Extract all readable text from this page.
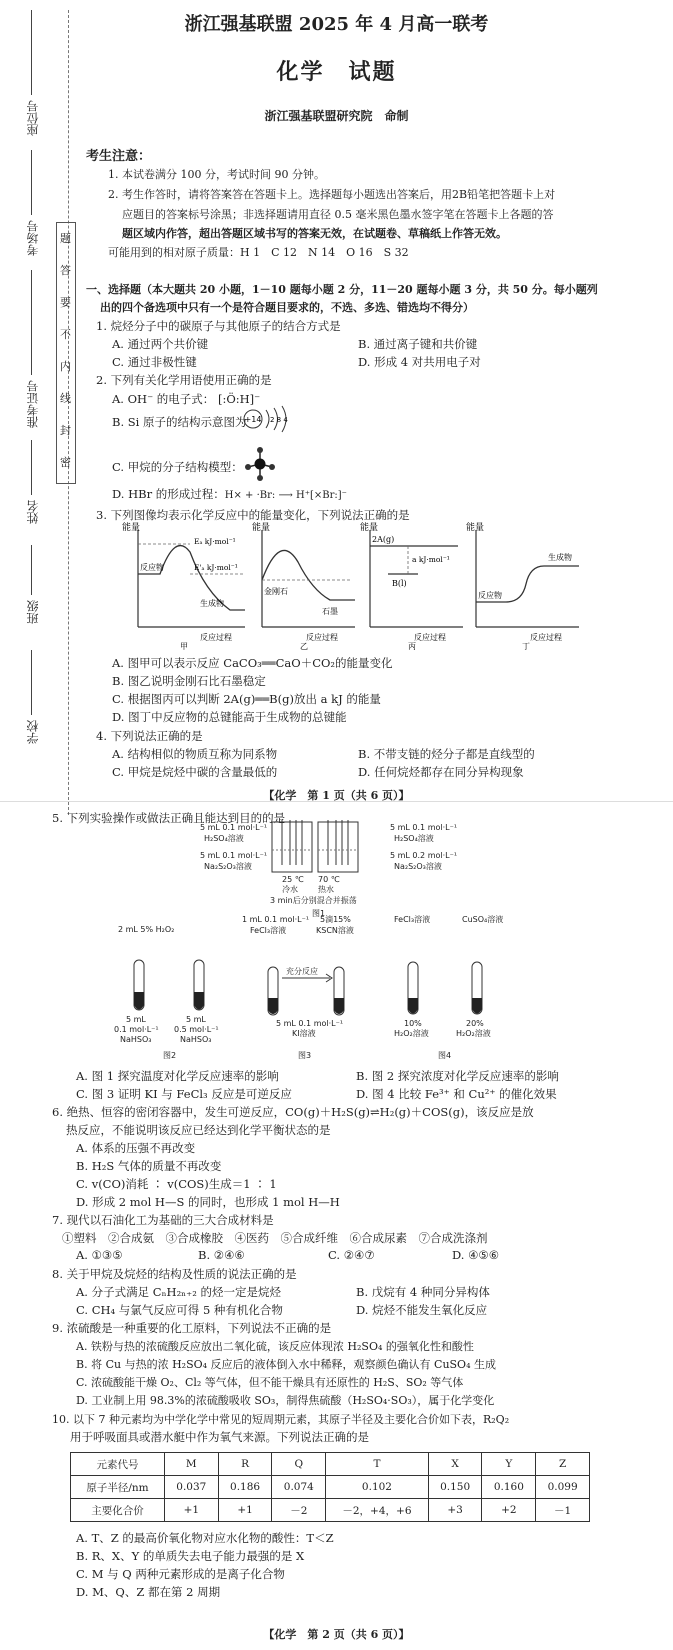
座位号
考场号
准考证号
姓名
班级
学校
题
答
要
不
内
线
封
密
浙江强基联盟 2025 年 4 月高一联考
化学　试题
浙江强基联盟研究院　命制
考生注意：
1. 本试卷满分 100 分，考试时间 90 分钟。
2. 考生作答时，请将答案答在答题卡上。选择题每小题选出答案后，用2B铅笔把答题卡上对
应题目的答案标号涂黑；非选择题请用直径 0.5 毫米黑色墨水签字笔在答题卡上各题的答
题区域内作答，超出答题区域书写的答案无效，在试题卷、草稿纸上作答无效。
可能用到的相对原子质量：H 1　C 12　N 14　O 16　S 32
一、选择题（本大题共 20 小题，1－10 题每小题 2 分，11－20 题每小题 3 分，共 50 分。每小题列
出的四个备选项中只有一个是符合题目要求的，不选、多选、错选均不得分）
1. 烷烃分子中的碳原子与其他原子的结合方式是
A. 通过两个共价键	B. 通过离子键和共价键
C. 通过非极性键	D. 形成 4 对共用电子对
2. 下列有关化学用语使用正确的是
A. OH⁻ 的电子式： [:Ö:H]⁻
B. Si 原子的结构示意图为
+14 2 8 4
C. 甲烷的分子结构模型：
D. HBr 的形成过程：H× + ·Br: ⟶ H⁺[×Br:]⁻
3. 下列图像均表示化学反应中的能量变化，下列说法正确的是
能量
反应物
生成物
Eₐ kJ·mol⁻¹
E'ₐ kJ·mol⁻¹
反应过程
甲
能量
金刚石
石墨
反应过程
乙
能量
2A(g)
B(l)
a kJ·mol⁻¹
反应过程
丙
能量
反应物
生成物
反应过程
丁
A. 图甲可以表示反应 CaCO₃══CaO＋CO₂的能量变化
B. 图乙说明金刚石比石墨稳定
C. 根据图丙可以判断 2A(g)══B(g)放出 a kJ 的能量
D. 图丁中反应物的总键能高于生成物的总键能
4. 下列说法正确的是
A. 结构相似的物质互称为同系物	B. 不带支链的烃分子都是直线型的
C. 甲烷是烷烃中碳的含量最低的	D. 任何烷烃都存在同分异构现象
【化学　第 1 页（共 6 页）】
5. 下列实验操作或做法正确且能达到目的的是
5 mL 0.1 mol·L⁻¹
H₂SO₄溶液
5 mL 0.1 mol·L⁻¹
Na₂S₂O₃溶液
5 mL 0.1 mol·L⁻¹
H₂SO₄溶液
5 mL 0.2 mol·L⁻¹
Na₂S₂O₃溶液
25 ℃
冷水
70 ℃
热水
3 min后分别混合并振荡
图1
2 mL 5% H₂O₂
5 mL
0.1 mol·L⁻¹
NaHSO₃
5 mL
0.5 mol·L⁻¹
NaHSO₃
图2
1 mL 0.1 mol·L⁻¹
FeCl₃溶液
5滴15%
KSCN溶液
充分反应
5 mL 0.1 mol·L⁻¹
KI溶液
图3
FeCl₃溶液	CuSO₄溶液
10%
H₂O₂溶液
20%
H₂O₂溶液
图4
A. 图 1 探究温度对化学反应速率的影响	B. 图 2 探究浓度对化学反应速率的影响
C. 图 3 证明 KI 与 FeCl₃ 反应是可逆反应	D. 图 4 比较 Fe³⁺ 和 Cu²⁺ 的催化效果
6. 绝热、恒容的密闭容器中，发生可逆反应，CO(g)＋H₂S(g)⇌H₂(g)＋COS(g)，该反应是放
热反应，不能说明该反应已经达到化学平衡状态的是
A. 体系的压强不再改变
B. H₂S 气体的质量不再改变
C. v(CO)消耗 ∶ v(COS)生成＝1 ∶ 1
D. 形成 2 mol H—S 的同时，也形成 1 mol H—H
7. 现代以石油化工为基础的三大合成材料是
①塑料　②合成氨　③合成橡胶　④医药　⑤合成纤维　⑥合成尿素　⑦合成洗涤剂
A. ①③⑤	B. ②④⑥	C. ②④⑦	D. ④⑤⑥
8. 关于甲烷及烷烃的结构及性质的说法正确的是
A. 分子式满足 CₙH₂ₙ₊₂ 的烃一定是烷烃	B. 戊烷有 4 种同分异构体
C. CH₄ 与氯气反应可得 5 种有机化合物	D. 烷烃不能发生氧化反应
9. 浓硫酸是一种重要的化工原料，下列说法不正确的是
A. 铁粉与热的浓硫酸反应放出二氧化硫，该反应体现浓 H₂SO₄ 的强氧化性和酸性
B. 将 Cu 与热的浓 H₂SO₄ 反应后的液体倒入水中稀释，观察颜色确认有 CuSO₄ 生成
C. 浓硫酸能干燥 O₂、Cl₂ 等气体，但不能干燥具有还原性的 H₂S、SO₂ 等气体
D. 工业制上用 98.3%的浓硫酸吸收 SO₃，制得焦硫酸（H₂SO₄·SO₃），属于化学变化
10. 以下 7 种元素均为中学化学中常见的短周期元素，其原子半径及主要化合价如下表，R₂Q₂
用于呼吸面具或潜水艇中作为氧气来源。下列说法正确的是
元素代号	M	R	Q	T	X	Y	Z
原子半径/nm	0.037	0.186	0.074	0.102	0.150	0.160	0.099
主要化合价	+1	+1	－2	－2，+4，+6	+3	+2	－1
A. T、Z 的最高价氧化物对应水化物的酸性：T＜Z
B. R、X、Y 的单质失去电子能力最强的是 X
C. M 与 Q 两种元素形成的是离子化合物
D. M、Q、Z 都在第 2 周期
【化学　第 2 页（共 6 页）】
